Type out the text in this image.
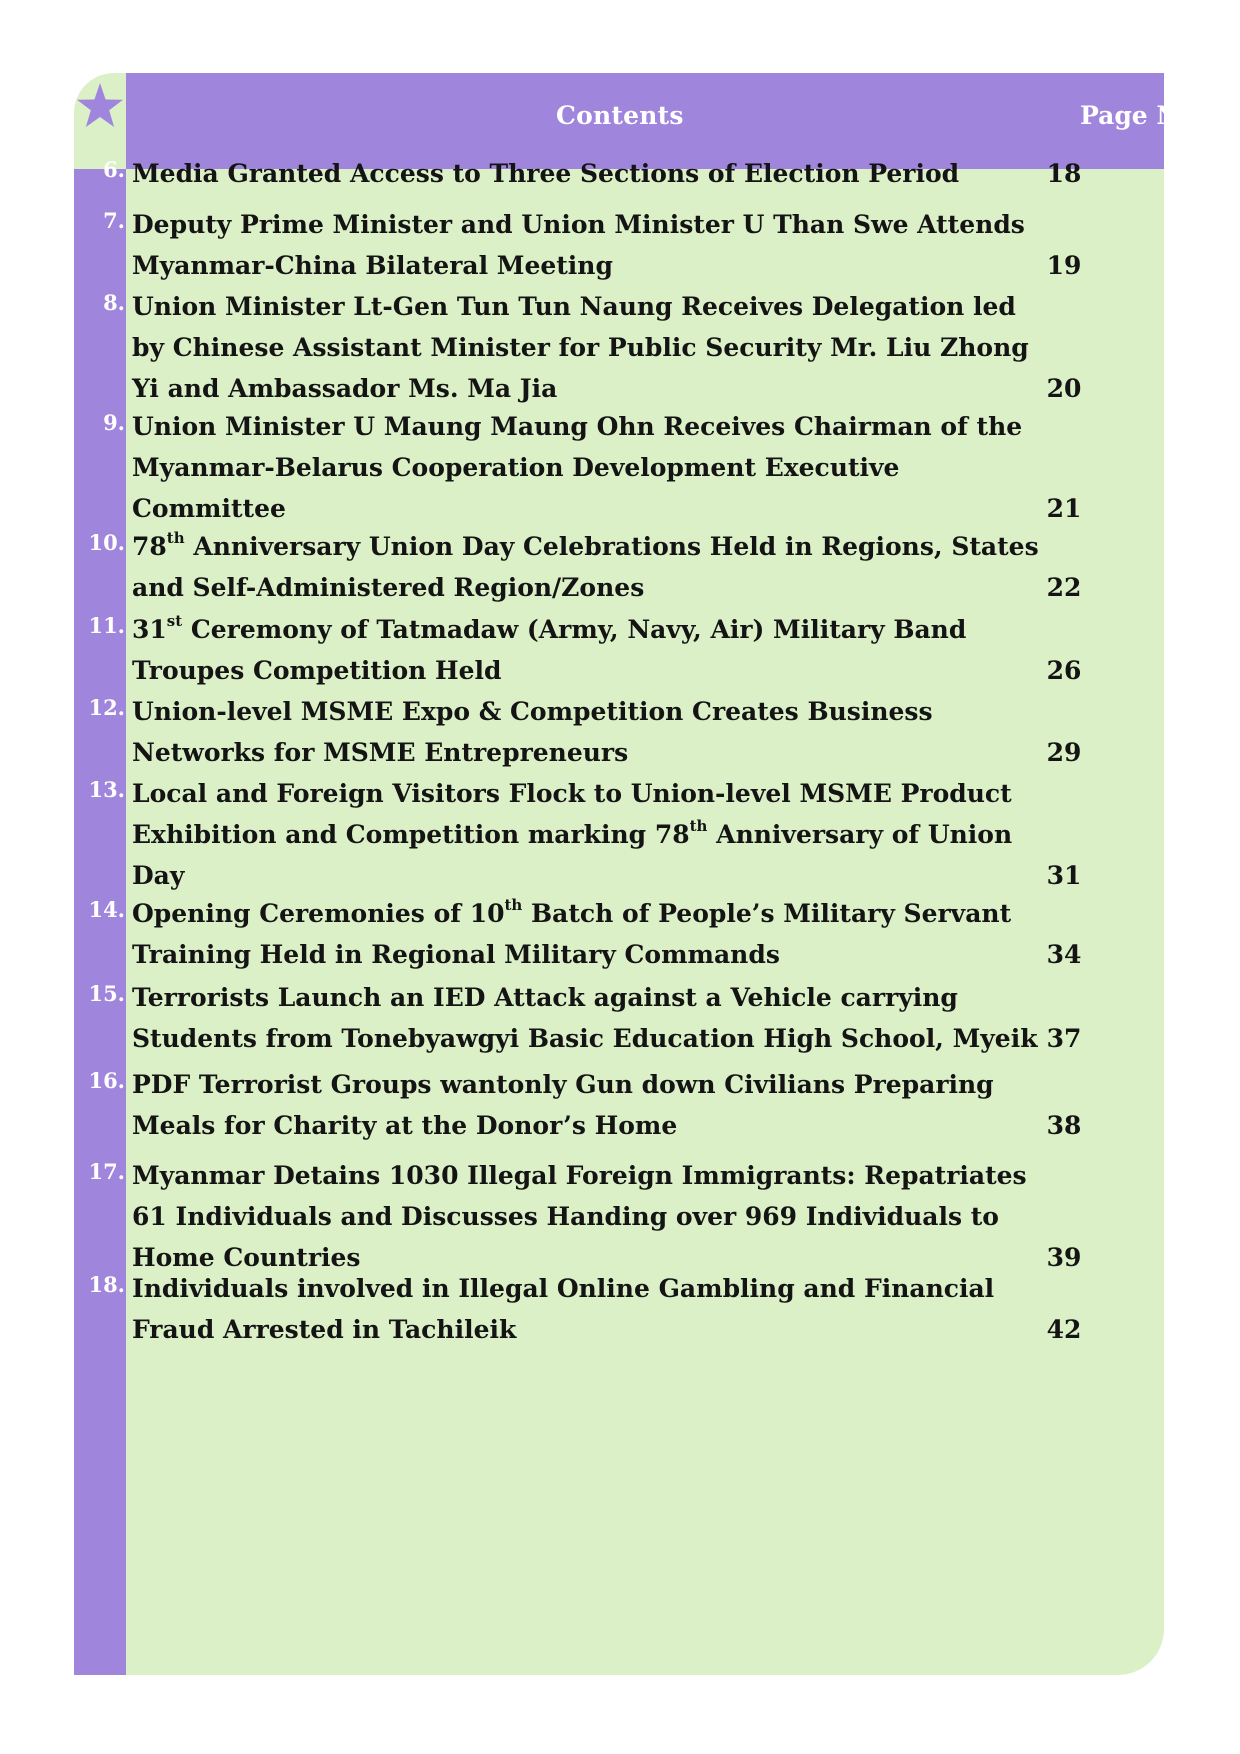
Contents	Page No.
6. Media Granted Access to Three Sections of Election Period	18
7. Deputy Prime Minister and Union Minister U Than Swe Attends
Myanmar-China Bilateral Meeting	19
8. Union Minister Lt-Gen Tun Tun Naung Receives Delegation led
by Chinese Assistant Minister for Public Security Mr. Liu Zhong
Yi and Ambassador Ms. Ma Jia	20
9. Union Minister U Maung Maung Ohn Receives Chairman of the
Myanmar-Belarus Cooperation Development Executive
Committee	21
10. 78th Anniversary Union Day Celebrations Held in Regions, States
and Self-Administered Region/Zones	22
11. 31st Ceremony of Tatmadaw (Army, Navy, Air) Military Band
Troupes Competition Held	26
12. Union-level MSME Expo & Competition Creates Business
Networks for MSME Entrepreneurs	29
13. Local and Foreign Visitors Flock to Union-level MSME Product
Exhibition and Competition marking 78th Anniversary of Union
Day	31
14. Opening Ceremonies of 10th Batch of People’s Military Servant
Training Held in Regional Military Commands	34
15. Terrorists Launch an IED Attack against a Vehicle carrying
Students from Tonebyawgyi Basic Education High School, Myeik 37
16. PDF Terrorist Groups wantonly Gun down Civilians Preparing
Meals for Charity at the Donor’s Home	38
17. Myanmar Detains 1030 Illegal Foreign Immigrants: Repatriates
61 Individuals and Discusses Handing over 969 Individuals to
Home Countries	39
18. Individuals involved in Illegal Online Gambling and Financial
Fraud Arrested in Tachileik	42
